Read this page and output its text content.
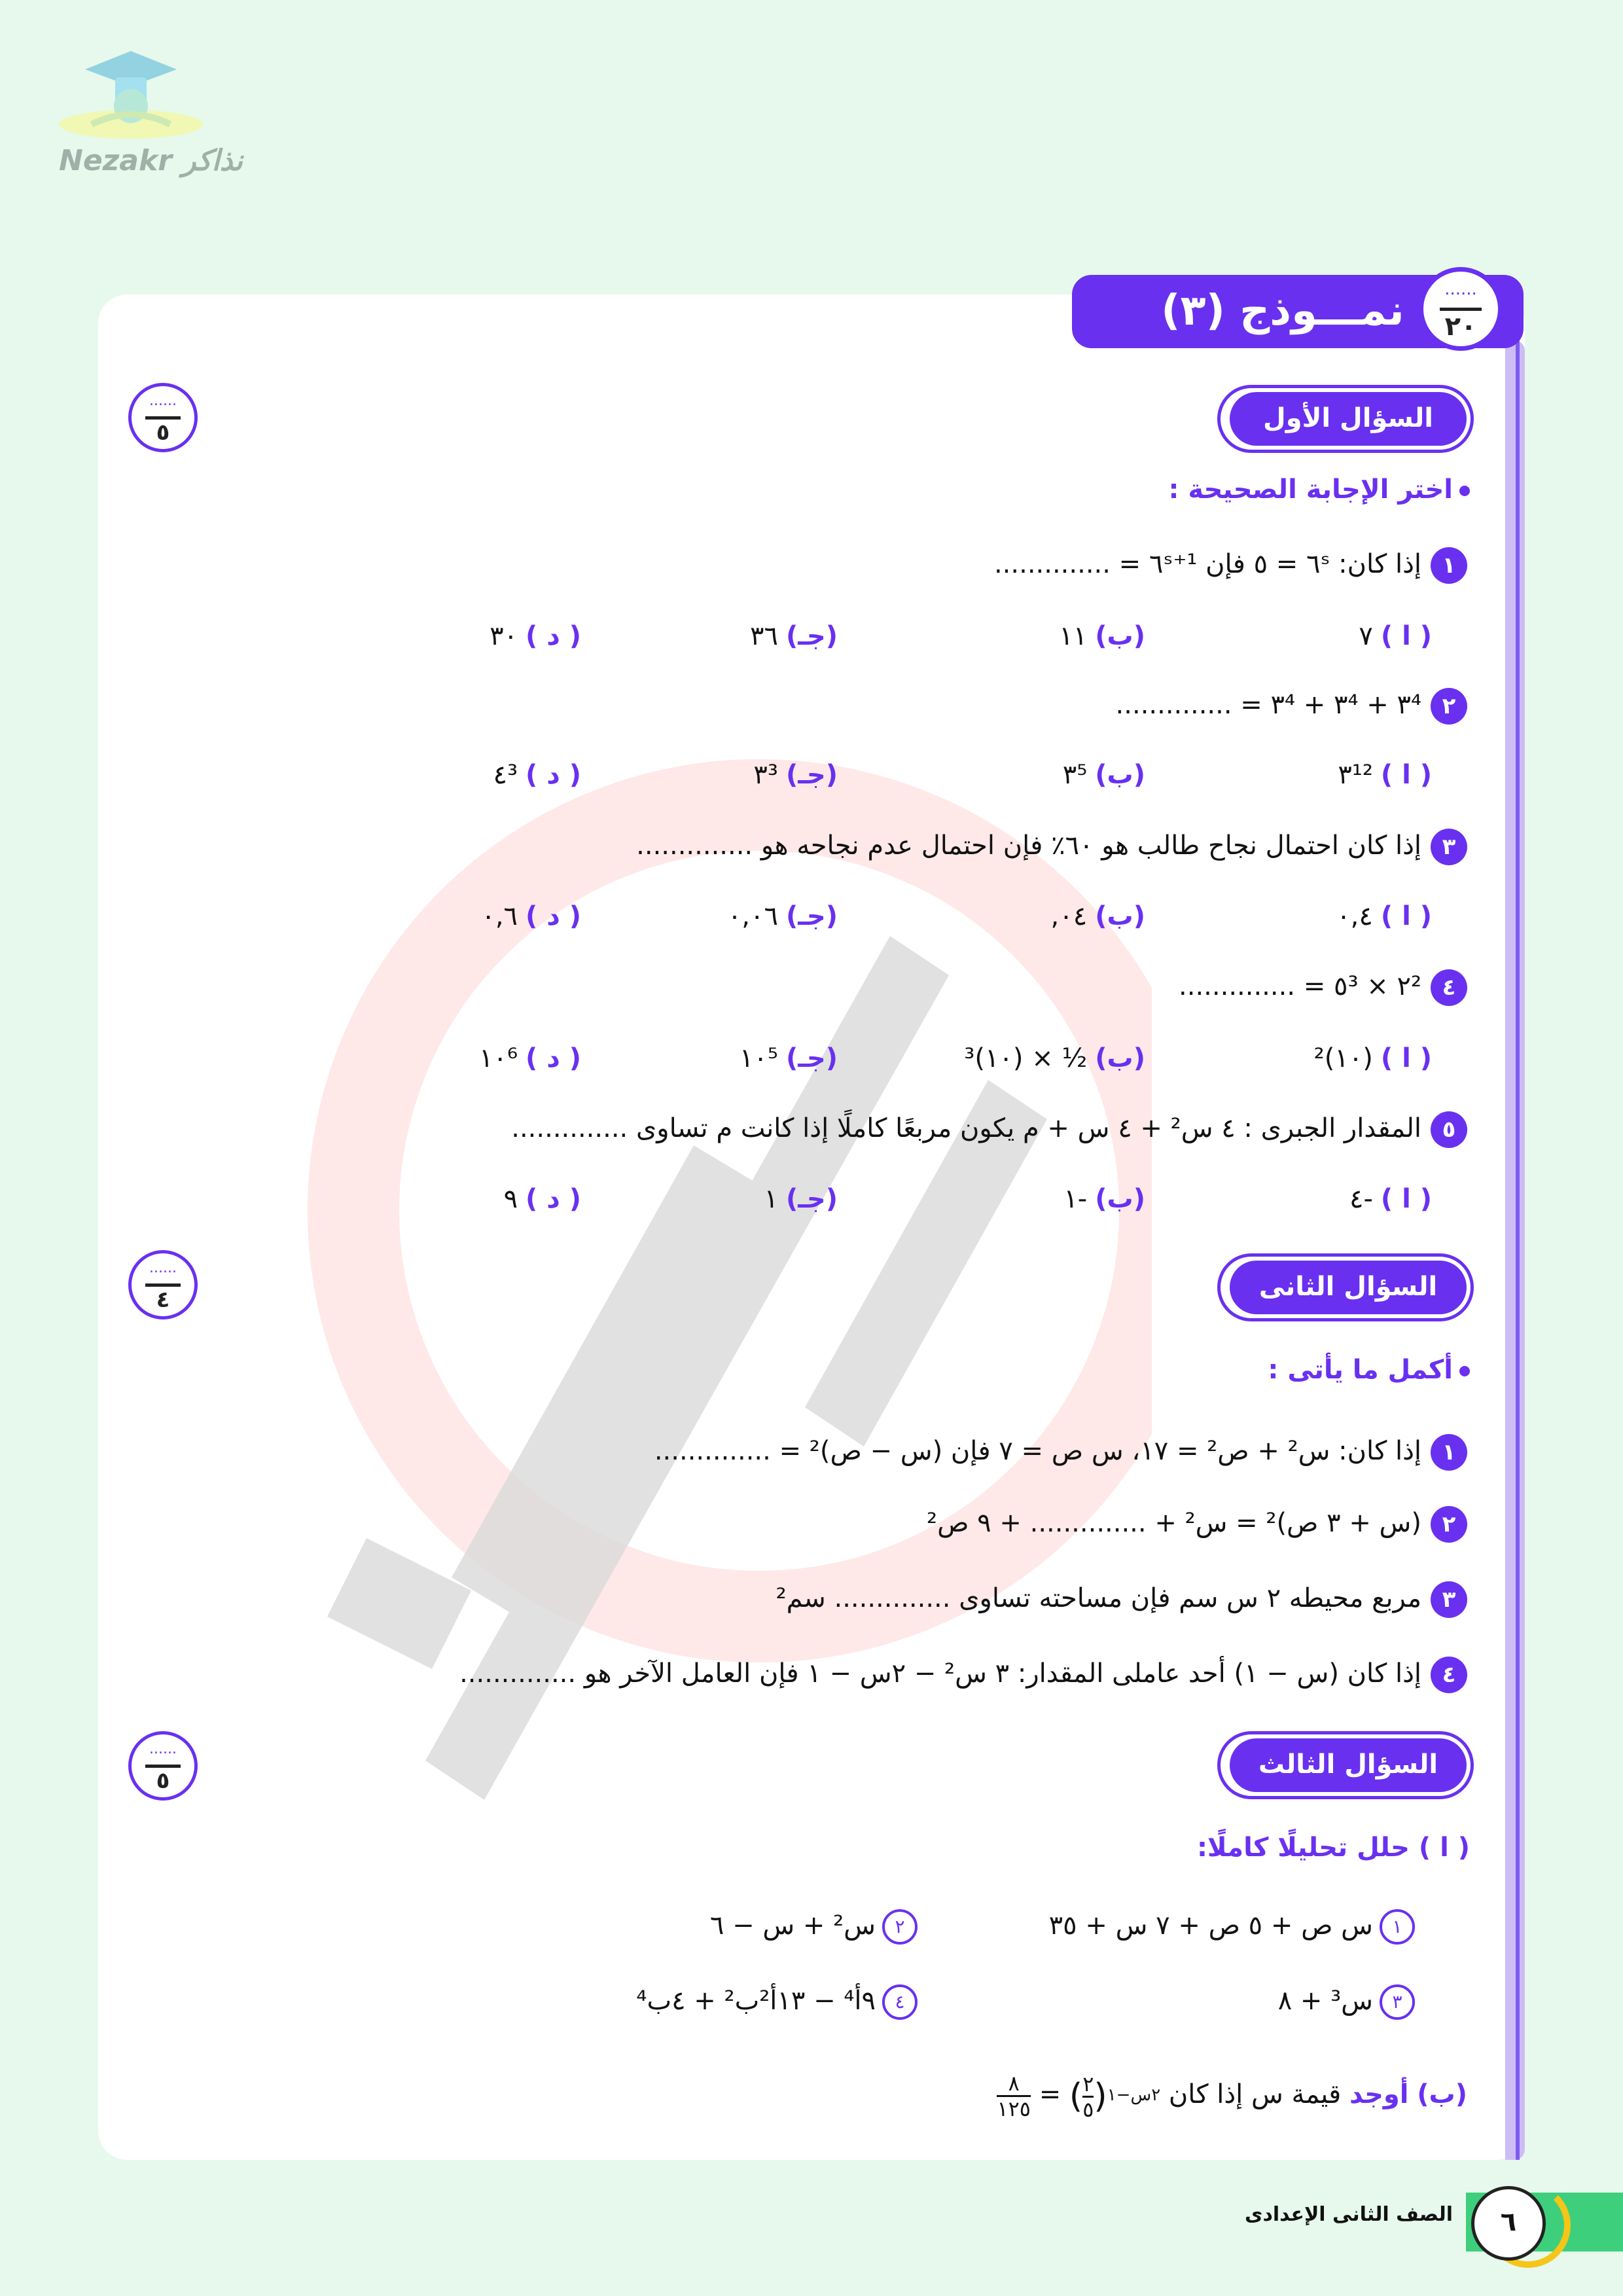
Nezakr نذاكر
نمـــوذج (٣)	......
٢٠
السؤال الأول
......
٥
اختر الإجابة الصحيحة :
١إذا كان: ٦ˢ = ٥ فإن ٦ˢ⁺¹ = ..............
( ا )٧
(ب)١١
(جـ)٣٦
( د )٣٠
٢٣⁴ + ٣⁴ + ٣⁴ = ..............
( ا )٣¹²
(ب)٣⁵
(جـ)٣³
( د )٤³
٣إذا كان احتمال نجاح طالب هو ٦٠٪ فإن احتمال عدم نجاحه هو ..............
( ا )٠,٤
(ب)٠٤,
(جـ)٠,٠٦
( د )٠,٦
٤٢² × ٥³ = ..............
( ا )(١٠)²
(ب)½ × (١٠)³
(جـ)١٠⁵
( د )١٠⁶
٥المقدار الجبرى : ٤ س² + ٤ س + م يكون مربعًا كاملًا إذا كانت م تساوى ..............
( ا )-٤
(ب)-١
(جـ)١
( د )٩
السؤال الثانى
......
٤
أكمل ما يأتى :
١إذا كان: س² + ص² = ١٧، س ص = ٧ فإن (س − ص)² = ..............
٢(س + ٣ ص)² = س² + .............. + ٩ ص²
٣مربع محيطه ٢ س سم فإن مساحته تساوى .............. سم²
٤إذا كان (س − ١) أحد عاملى المقدار: ٣ س² − ٢س − ١ فإن العامل الآخر هو ..............
السؤال الثالث
......
٥
( ا ) حلل تحليلًا كاملًا:
١س ص + ٥ ص + ٧ س + ٣٥
٢س² + س − ٦
٣س³ + ٨
٤٩أ⁴ − ١٣أ²ب² + ٤ب⁴
(ب) أوجد قيمة س إذا كان ( ٢
٥ )$^{٢س-١}$ =
٨
١٢٥
٦
الصف الثانى الإعدادى
